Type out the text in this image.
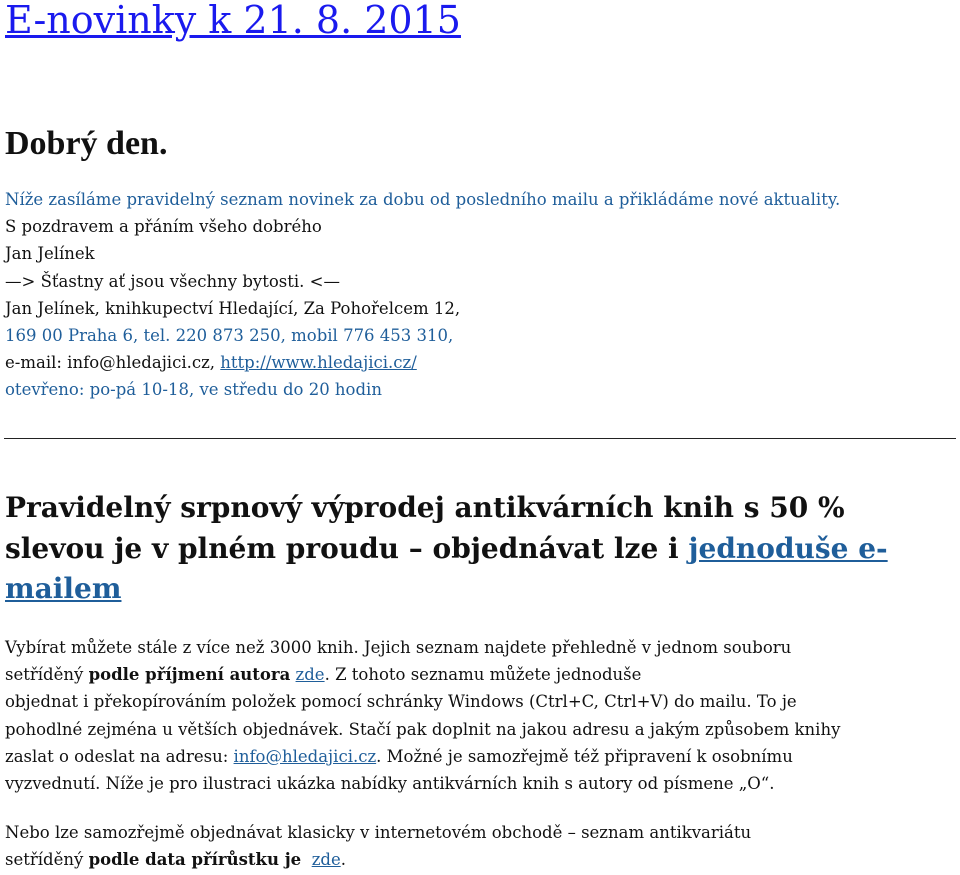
E-novinky k 21. 8. 2015
Dobrý den.
Níže zasíláme pravidelný seznam novinek za dobu od posledního mailu a přikládáme nové aktuality.
S pozdravem a přáním všeho dobrého
Jan Jelínek
—> Šťastny ať jsou všechny bytosti. <—
Jan Jelínek, knihkupectví Hledající, Za Pohořelcem 12,
169 00 Praha 6, tel. 220 873 250, mobil 776 453 310,
e-mail: info@hledajici.cz, http://www.hledajici.cz/
otevřeno: po-pá 10-18, ve středu do 20 hodin
Pravidelný srpnový výprodej antikvárních knih s 50 %
slevou je v plném proudu – objednávat lze i jednoduše e-
mailem
Vybírat můžete stále z více než 3000 knih. Jejich seznam najdete přehledně v jednom souboru
setříděný podle příjmení autora zde. Z tohoto seznamu můžete jednoduše
objednat i překopírováním položek pomocí schránky Windows (Ctrl+C, Ctrl+V) do mailu. To je
pohodlné zejména u větších objednávek. Stačí pak doplnit na jakou adresu a jakým způsobem knihy
zaslat o odeslat na adresu: info@hledajici.cz. Možné je samozřejmě též připravení k osobnímu
vyzvednutí. Níže je pro ilustraci ukázka nabídky antikvárních knih s autory od písmene „O“.
Nebo lze samozřejmě objednávat klasicky v internetovém obchodě – seznam antikvariátu
setříděný podle data přírůstku je zde.
